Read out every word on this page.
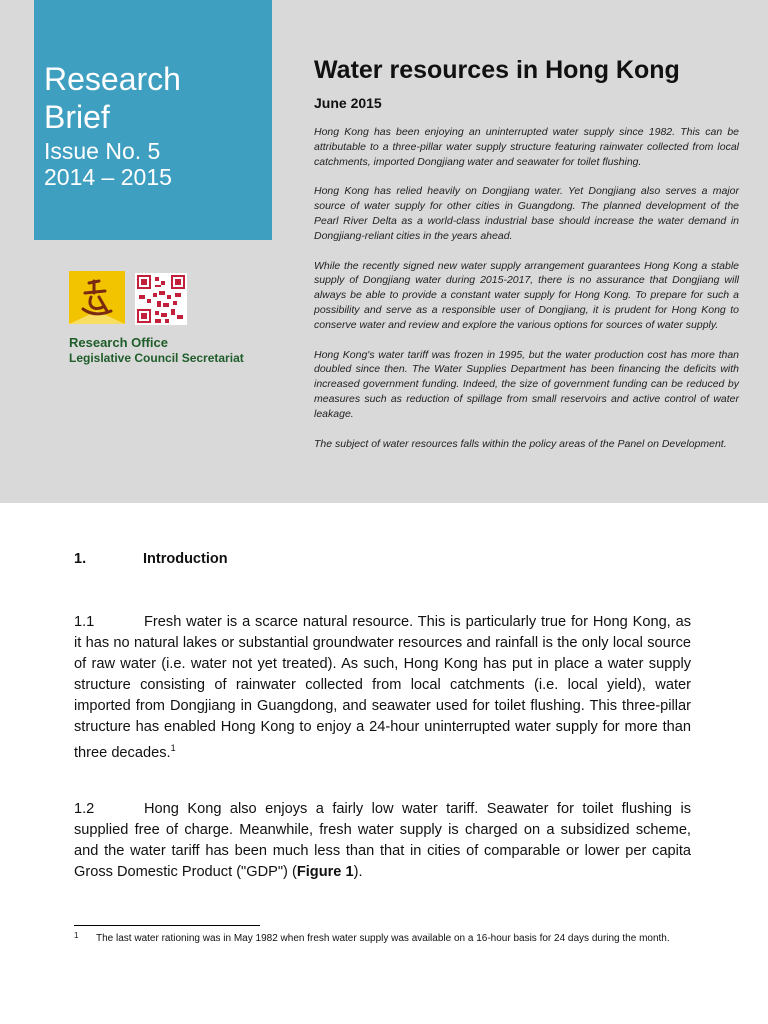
Research
Brief
Issue No. 5
2014 – 2015
Research Office
Legislative Council Secretariat
Water resources in Hong Kong
June 2015

Hong Kong has been enjoying an uninterrupted water supply since 1982. This can be attributable to a three-pillar water supply structure featuring rainwater collected from local catchments, imported Dongjiang water and seawater for toilet flushing.

Hong Kong has relied heavily on Dongjiang water. Yet Dongjiang also serves a major source of water supply for other cities in Guangdong. The planned development of the Pearl River Delta as a world-class industrial base should increase the water demand in Dongjiang-reliant cities in the years ahead.

While the recently signed new water supply arrangement guarantees Hong Kong a stable supply of Dongjiang water during 2015-2017, there is no assurance that Dongjiang will always be able to provide a constant water supply for Hong Kong. To prepare for such a possibility and serve as a responsible user of Dongjiang, it is prudent for Hong Kong to conserve water and review and explore the various options for sources of water supply.

Hong Kong's water tariff was frozen in 1995, but the water production cost has more than doubled since then. The Water Supplies Department has been financing the deficits with increased government funding. Indeed, the size of government funding can be reduced by measures such as reduction of spillage from small reservoirs and active control of water leakage.

The subject of water resources falls within the policy areas of the Panel on Development.

1.	Introduction
1.1	Fresh water is a scarce natural resource. This is particularly true for Hong Kong, as it has no natural lakes or substantial groundwater resources and rainfall is the only local source of raw water (i.e. water not yet treated). As such, Hong Kong has put in place a water supply structure consisting of rainwater collected from local catchments (i.e. local yield), water imported from Dongjiang in Guangdong, and seawater used for toilet flushing. This three-pillar structure has enabled Hong Kong to enjoy a 24-hour uninterrupted water supply for more than three decades.$^1$
1.2	Hong Kong also enjoys a fairly low water tariff. Seawater for toilet flushing is supplied free of charge. Meanwhile, fresh water supply is charged on a subsidized scheme, and the water tariff has been much less than that in cities of comparable or lower per capita Gross Domestic Product ("GDP") (Figure 1).
1 The last water rationing was in May 1982 when fresh water supply was available on a 16-hour basis for 24 days during the month.
